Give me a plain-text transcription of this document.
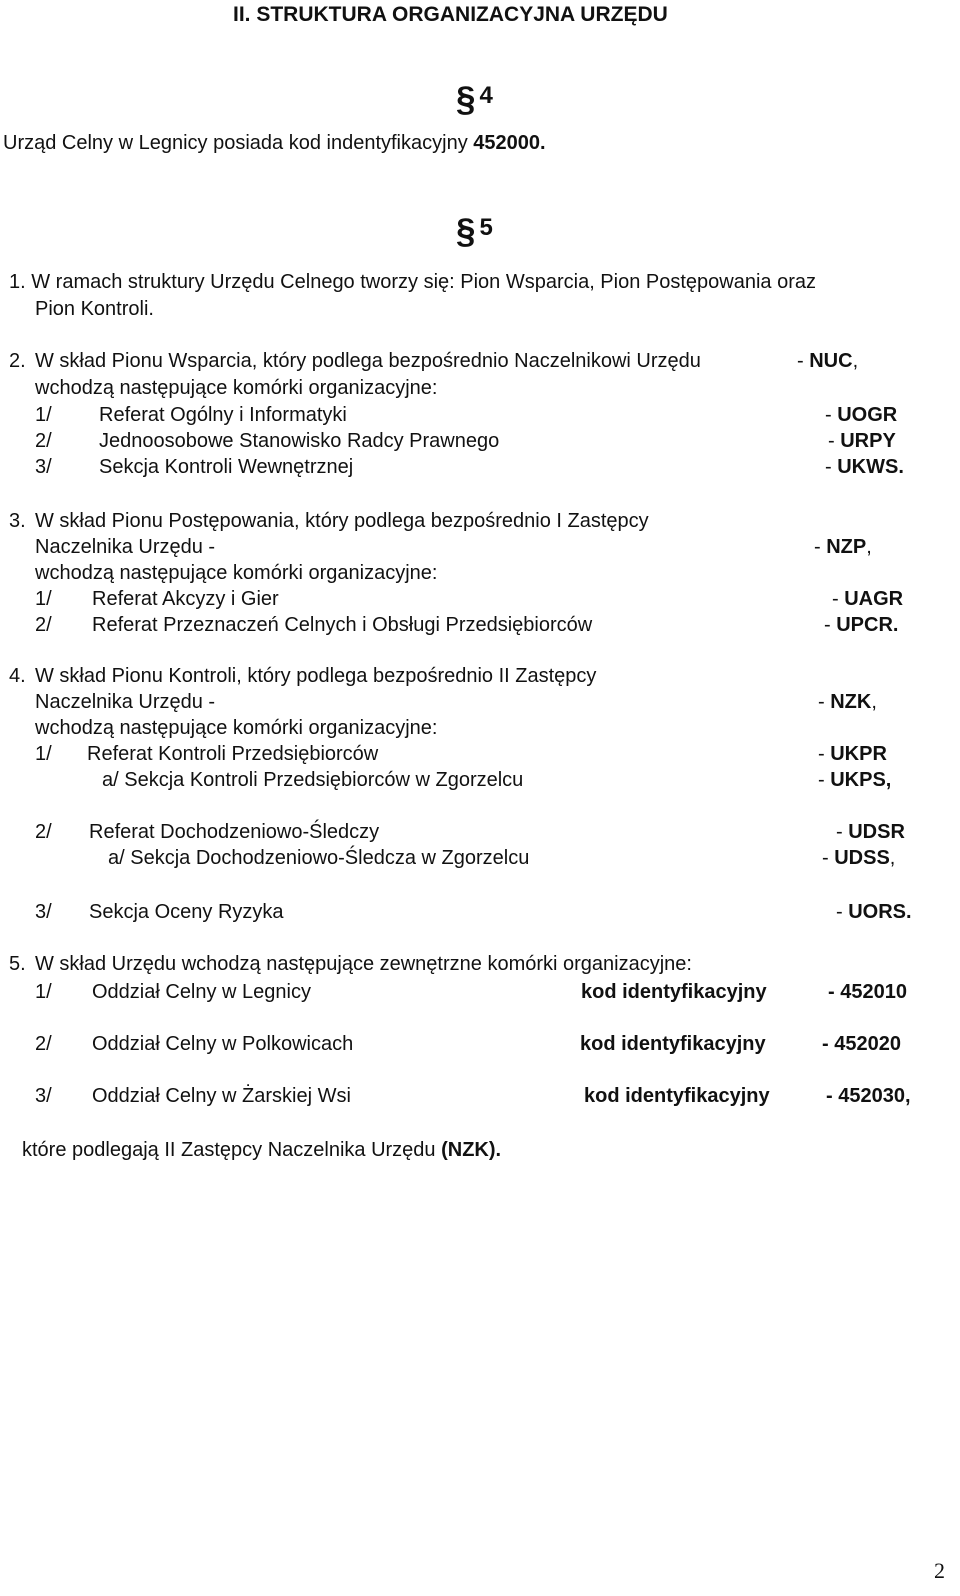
II. STRUKTURA ORGANIZACYJNA URZĘDU
§ 4
Urząd Celny w Legnicy posiada kod indentyfikacyjny 452000.
§ 5
1. W ramach struktury Urzędu Celnego tworzy się: Pion Wsparcia, Pion Postępowania oraz
Pion Kontroli.
2. W skład Pionu Wsparcia, który podlega bezpośrednio Naczelnikowi Urzędu	- NUC,
wchodzą następujące komórki organizacyjne:
1/ Referat Ogólny i Informatyki	- UOGR
2/ Jednoosobowe Stanowisko Radcy Prawnego	- URPY
3/ Sekcja Kontroli Wewnętrznej	- UKWS.
3. W skład Pionu Postępowania, który podlega bezpośrednio I Zastępcy
Naczelnika Urzędu -	- NZP,
wchodzą następujące komórki organizacyjne:
1/ Referat Akcyzy i Gier	- UAGR
2/ Referat Przeznaczeń Celnych i Obsługi Przedsiębiorców	- UPCR.
4. W skład Pionu Kontroli, który podlega bezpośrednio II Zastępcy
Naczelnika Urzędu -	- NZK,
wchodzą następujące komórki organizacyjne:
1/ Referat Kontroli Przedsiębiorców	- UKPR
a/ Sekcja Kontroli Przedsiębiorców w Zgorzelcu	- UKPS,
2/ Referat Dochodzeniowo-Śledczy	- UDSR
a/ Sekcja Dochodzeniowo-Śledcza w Zgorzelcu	- UDSS,
3/ Sekcja Oceny Ryzyka	- UORS.
5. W skład Urzędu wchodzą następujące zewnętrzne komórki organizacyjne:
1/ Oddział Celny w Legnicy	kod identyfikacyjny	- 452010
2/ Oddział Celny w Polkowicach	kod identyfikacyjny	- 452020
3/ Oddział Celny w Żarskiej Wsi	kod identyfikacyjny	- 452030,
które podlegają II Zastępcy Naczelnika Urzędu (NZK).
2
